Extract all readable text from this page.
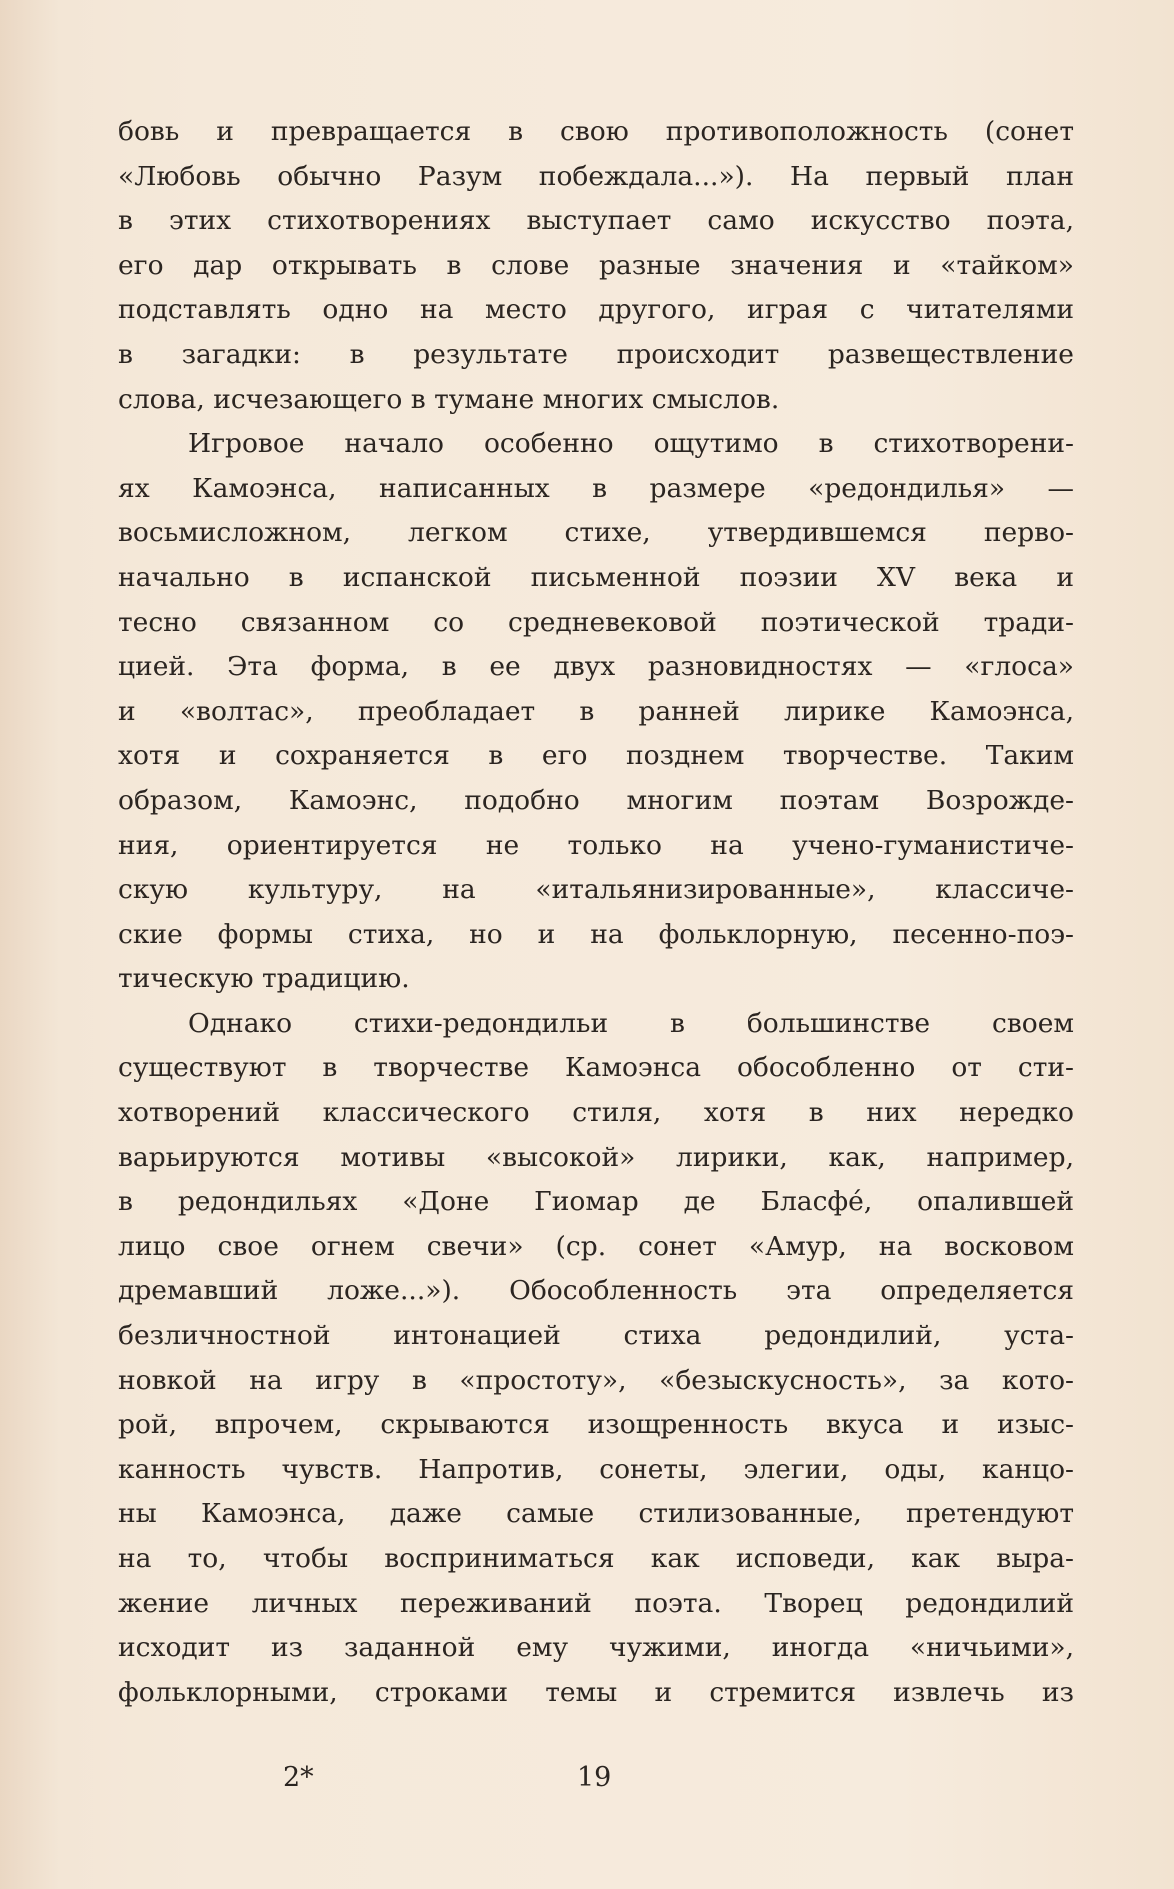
бовь и превращается в свою противоположность (сонет
«Любовь обычно Разум побеждала...»). На первый план
в этих стихотворениях выступает само искусство поэта,
его дар открывать в слове разные значения и «тайком»
подставлять одно на место другого, играя с читателями
в загадки: в результате происходит развеществление
слова, исчезающего в тумане многих смыслов.
Игровое начало особенно ощутимо в стихотворени-
ях Камоэнса, написанных в размере «редондилья» —
восьмисложном, легком стихе, утвердившемся перво-
начально в испанской письменной поэзии XV века и
тесно связанном со средневековой поэтической тради-
цией. Эта форма, в ее двух разновидностях — «глоса»
и «волтас», преобладает в ранней лирике Камоэнса,
хотя и сохраняется в его позднем творчестве. Таким
образом, Камоэнс, подобно многим поэтам Возрожде-
ния, ориентируется не только на учено-гуманистиче-
скую культуру, на «итальянизированные», классиче-
ские формы стиха, но и на фольклорную, песенно-поэ-
тическую традицию.
Однако стихи-редондильи в большинстве своем
существуют в творчестве Камоэнса обособленно от сти-
хотворений классического стиля, хотя в них нередко
варьируются мотивы «высокой» лирики, как, например,
в редондильях «Доне Гиомар де Бласфé, опалившей
лицо свое огнем свечи» (ср. сонет «Амур, на восковом
дремавший ложе...»). Обособленность эта определяется
безличностной интонацией стиха редондилий, уста-
новкой на игру в «простоту», «безыскусность», за кото-
рой, впрочем, скрываются изощренность вкуса и изыс-
канность чувств. Напротив, сонеты, элегии, оды, канцо-
ны Камоэнса, даже самые стилизованные, претендуют
на то, чтобы восприниматься как исповеди, как выра-
жение личных переживаний поэта. Творец редондилий
исходит из заданной ему чужими, иногда «ничьими»,
фольклорными, строками темы и стремится извлечь из
2*	19
